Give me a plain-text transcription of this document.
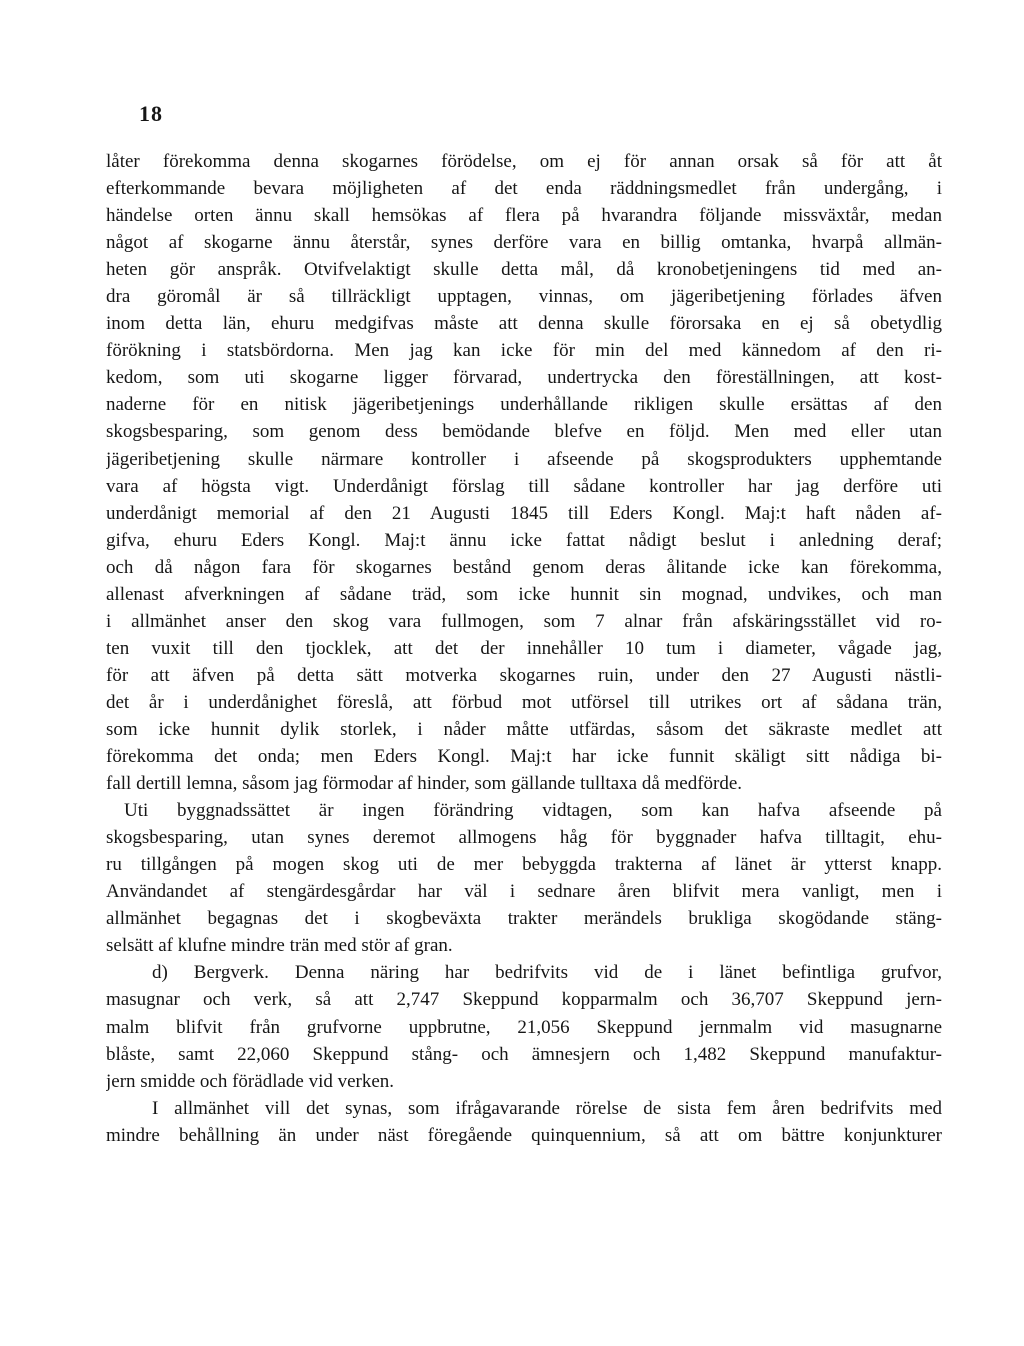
18
låter förekomma denna skogarnes förödelse, om ej för annan orsak så för att åt
efterkommande bevara möjligheten af det enda räddningsmedlet från undergång, i
händelse orten ännu skall hemsökas af flera på hvarandra följande missväxtår, medan
något af skogarne ännu återstår, synes derföre vara en billig omtanka, hvarpå allmän-
heten gör anspråk. Otvifvelaktigt skulle detta mål, då kronobetjeningens tid med an-
dra göromål är så tillräckligt upptagen, vinnas, om jägeribetjening förlades äfven
inom detta län, ehuru medgifvas måste att denna skulle förorsaka en ej så obetydlig
förökning i statsbördorna. Men jag kan icke för min del med kännedom af den ri-
kedom, som uti skogarne ligger förvarad, undertrycka den föreställningen, att kost-
naderne för en nitisk jägeribetjenings underhållande rikligen skulle ersättas af den
skogsbesparing, som genom dess bemödande blefve en följd. Men med eller utan
jägeribetjening skulle närmare kontroller i afseende på skogsprodukters upphemtande
vara af högsta vigt. Underdånigt förslag till sådane kontroller har jag derföre uti
underdånigt memorial af den 21 Augusti 1845 till Eders Kongl. Maj:t haft nåden af-
gifva, ehuru Eders Kongl. Maj:t ännu icke fattat nådigt beslut i anledning deraf;
och då någon fara för skogarnes bestånd genom deras ålitande icke kan förekomma,
allenast afverkningen af sådane träd, som icke hunnit sin mognad, undvikes, och man
i allmänhet anser den skog vara fullmogen, som 7 alnar från afskäringsstället vid ro-
ten vuxit till den tjocklek, att det der innehåller 10 tum i diameter, vågade jag,
för att äfven på detta sätt motverka skogarnes ruin, under den 27 Augusti nästli-
det år i underdånighet föreslå, att förbud mot utförsel till utrikes ort af sådana trän,
som icke hunnit dylik storlek, i nåder måtte utfärdas, såsom det säkraste medlet att
förekomma det onda; men Eders Kongl. Maj:t har icke funnit skäligt sitt nådiga bi-
fall dertill lemna, såsom jag förmodar af hinder, som gällande tulltaxa då medförde.
Uti byggnadssättet är ingen förändring vidtagen, som kan hafva afseende på
skogsbesparing, utan synes deremot allmogens håg för byggnader hafva tilltagit, ehu-
ru tillgången på mogen skog uti de mer bebyggda trakterna af länet är ytterst knapp.
Användandet af stengärdesgårdar har väl i sednare åren blifvit mera vanligt, men i
allmänhet begagnas det i skogbeväxta trakter merändels brukliga skogödande stäng-
selsätt af klufne mindre trän med stör af gran.
d) Bergverk. Denna näring har bedrifvits vid de i länet befintliga grufvor,
masugnar och verk, så att 2,747 Skeppund kopparmalm och 36,707 Skeppund jern-
malm blifvit från grufvorne uppbrutne, 21,056 Skeppund jernmalm vid masugnarne
blåste, samt 22,060 Skeppund stång- och ämnesjern och 1,482 Skeppund manufaktur-
jern smidde och förädlade vid verken.
I allmänhet vill det synas, som ifrågavarande rörelse de sista fem åren bedrifvits med
mindre behållning än under näst föregående quinquennium, så att om bättre konjunkturer
